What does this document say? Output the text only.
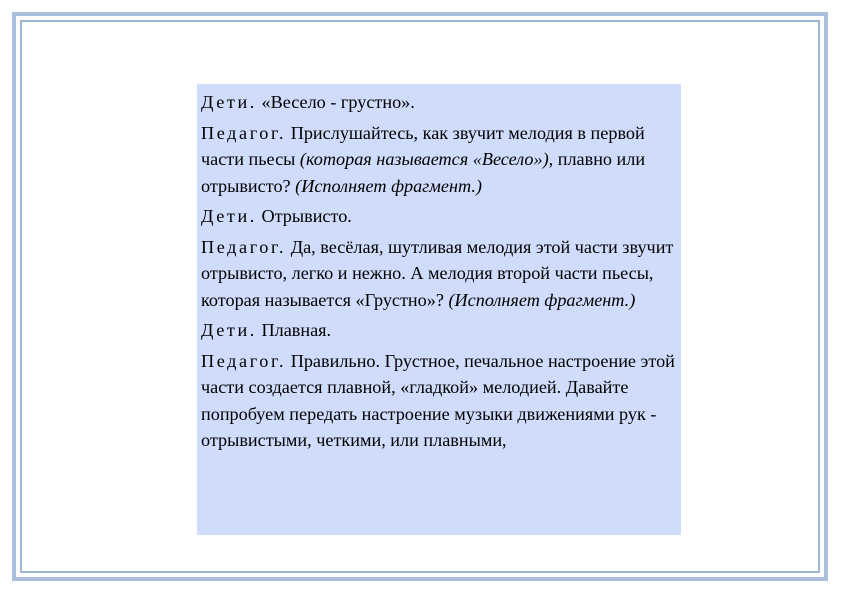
Дети. «Весело - грустно».

Педагог. Прислушайтесь, как звучит мелодия в первой части пьесы (которая называется «Весело»), плавно или отрывисто? (Исполняет фрагмент.)

Дети. Отрывисто.

Педагог. Да, весёлая, шутливая мелодия этой части звучит отрывисто, легко и нежно. А мелодия второй части пьесы, которая называется «Грустно»? (Исполняет фрагмент.)

Дети. Плавная.

Педагог. Правильно. Грустное, печальное настроение этой части создается плавной, «гладкой» мелодией. Давайте попробуем передать настроение музыки движениями рук - отрывистыми, четкими, или плавными,
